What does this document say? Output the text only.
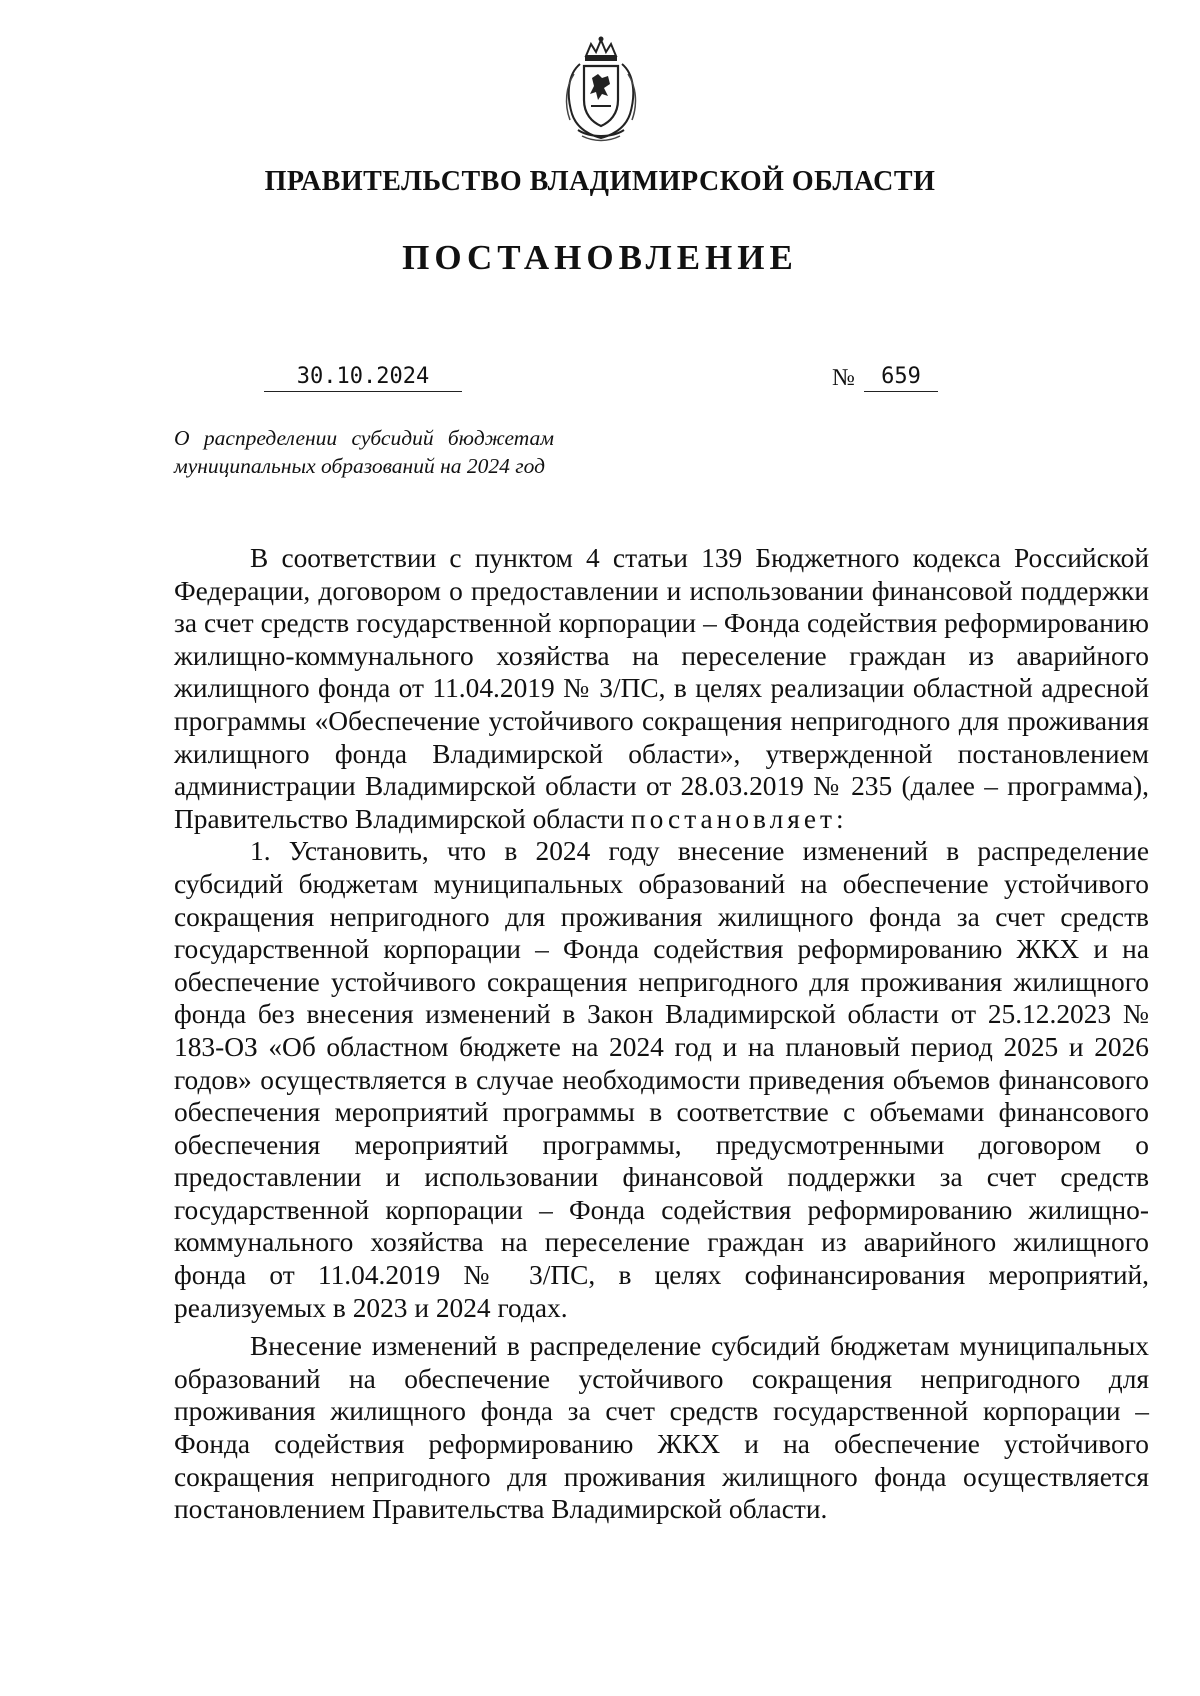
ПРАВИТЕЛЬСТВО ВЛАДИМИРСКОЙ ОБЛАСТИ
ПОСТАНОВЛЕНИЕ
30.10.2024	№	659
О распределении субсидий бюджетам муниципальных образований на 2024 год

В соответствии с пунктом 4 статьи 139 Бюджетного кодекса Российской Федерации, договором о предоставлении и использовании финансовой поддержки за счет средств государственной корпорации – Фонда содействия реформированию жилищно-коммунального хозяйства на переселение граждан из аварийного жилищного фонда от 11.04.2019 № 3/ПС, в целях реализации областной адресной программы «Обеспечение устойчивого сокращения непригодного для проживания жилищного фонда Владимирской области», утвержденной постановлением администрации Владимирской области от 28.03.2019 № 235 (далее – программа), Правительство Владимирской области постановляет:

1. Установить, что в 2024 году внесение изменений в распределение субсидий бюджетам муниципальных образований на обеспечение устойчивого сокращения непригодного для проживания жилищного фонда за счет средств государственной корпорации – Фонда содействия реформированию ЖКХ и на обеспечение устойчивого сокращения непригодного для проживания жилищного фонда без внесения изменений в Закон Владимирской области от 25.12.2023 № 183-ОЗ «Об областном бюджете на 2024 год и на плановый период 2025 и 2026 годов» осуществляется в случае необходимости приведения объемов финансового обеспечения мероприятий программы в соответствие с объемами финансового обеспечения мероприятий программы, предусмотренными договором о предоставлении и использовании финансовой поддержки за счет средств государственной корпорации – Фонда содействия реформированию жилищно-коммунального хозяйства на переселение граждан из аварийного жилищного фонда от 11.04.2019 № 3/ПС, в целях софинансирования мероприятий, реализуемых в 2023 и 2024 годах.

Внесение изменений в распределение субсидий бюджетам муниципальных образований на обеспечение устойчивого сокращения непригодного для проживания жилищного фонда за счет средств государственной корпорации – Фонда содействия реформированию ЖКХ и на обеспечение устойчивого сокращения непригодного для проживания жилищного фонда осуществляется постановлением Правительства Владимирской области.
